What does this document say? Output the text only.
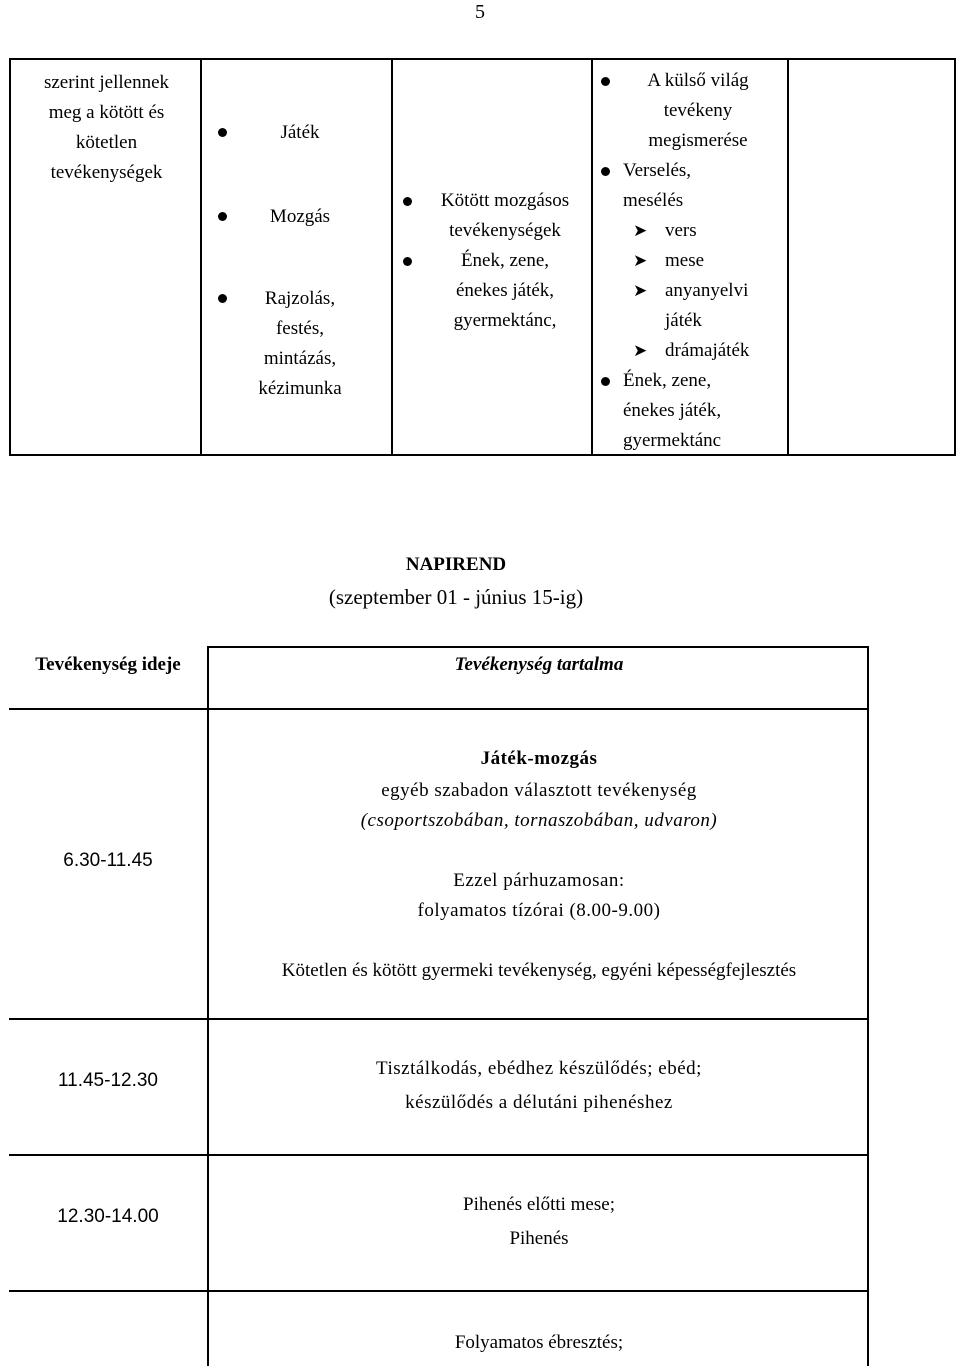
5
szerint jellennek
meg a kötött és
kötetlen
tevékenységek
Játék
Mozgás
Rajzolás,
festés,
mintázás,
kézimunka
Kötött mozgásos
tevékenységek
Ének, zene,
énekes játék,
gyermektánc,
A külső világ
tevékeny
megismerése
Verselés,
mesélés
➤ vers
➤ mese
➤ anyanyelvi
játék
➤ drámajáték
Ének, zene,
énekes játék,
gyermektánc
NAPIREND
(szeptember 01 - június 15-ig)
Tevékenység ideje	Tevékenység tartalma
6.30-11.45
Játék-mozgás
egyéb szabadon választott tevékenység
(csoportszobában, tornaszobában, udvaron)
Ezzel párhuzamosan:
folyamatos tízórai (8.00-9.00)
Kötetlen és kötött gyermeki tevékenység, egyéni képességfejlesztés
11.45-12.30
Tisztálkodás, ebédhez készülődés; ebéd;
készülődés a délutáni pihenéshez
12.30-14.00
Pihenés előtti mese;
Pihenés
Folyamatos ébresztés;
